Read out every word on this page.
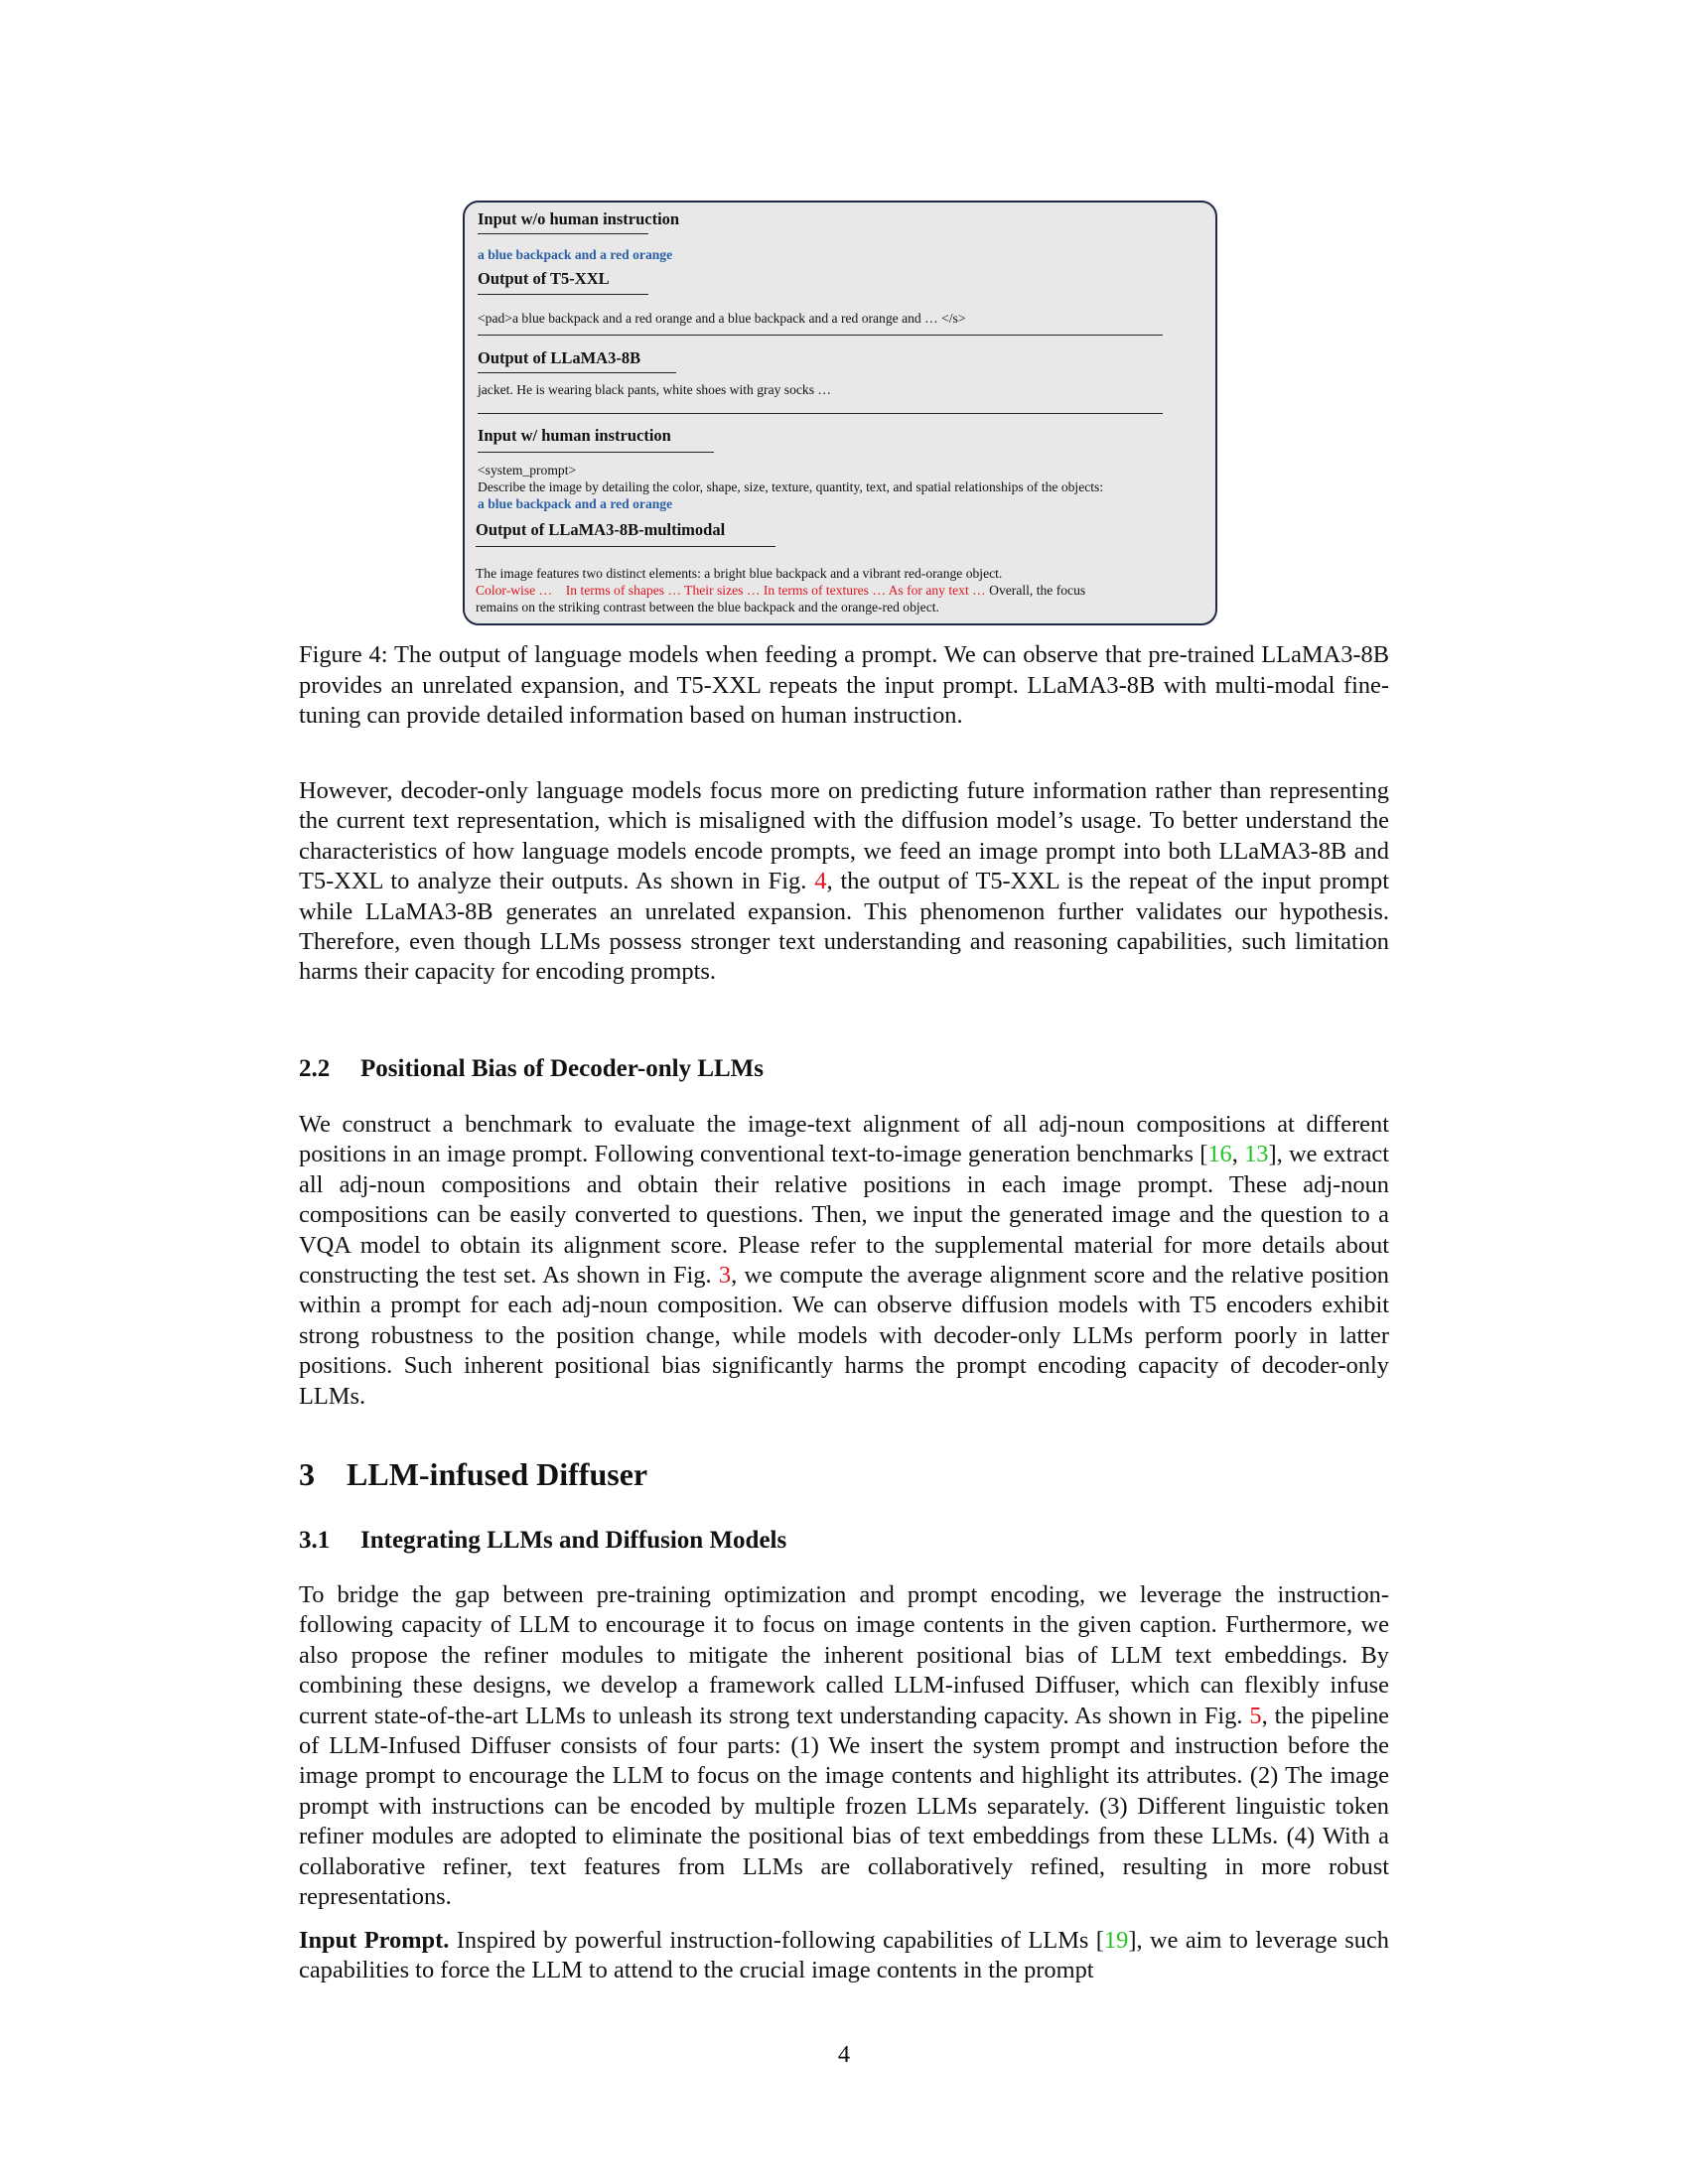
Input w/o human instruction
a blue backpack and a red orange
Output of T5-XXL
<pad>a blue backpack and a red orange and a blue backpack and a red orange and … </s>
Output of LLaMA3-8B
jacket. He is wearing black pants, white shoes with gray socks …
Input w/ human instruction
<system_prompt>
Describe the image by detailing the color, shape, size, texture, quantity, text, and spatial relationships of the objects:
a blue backpack and a red orange
Output of LLaMA3-8B-multimodal
The image features two distinct elements: a bright blue backpack and a vibrant red-orange object.
Color-wise … In terms of shapes … Their sizes … In terms of textures … As for any text … Overall, the focus
remains on the striking contrast between the blue backpack and the orange-red object.
Figure 4: The output of language models when feeding a prompt. We can observe that pre-trained LLaMA3-8B provides an unrelated expansion, and T5-XXL repeats the input prompt. LLaMA3-8B with multi-modal fine-tuning can provide detailed information based on human instruction.
However, decoder-only language models focus more on predicting future information rather than representing the current text representation, which is misaligned with the diffusion model’s usage. To better understand the characteristics of how language models encode prompts, we feed an image prompt into both LLaMA3-8B and T5-XXL to analyze their outputs. As shown in Fig. 4, the output of T5-XXL is the repeat of the input prompt while LLaMA3-8B generates an unrelated expansion. This phenomenon further validates our hypothesis. Therefore, even though LLMs possess stronger text understanding and reasoning capabilities, such limitation harms their capacity for encoding prompts.
2.2 Positional Bias of Decoder-only LLMs
We construct a benchmark to evaluate the image-text alignment of all adj-noun compositions at different positions in an image prompt. Following conventional text-to-image generation benchmarks [16, 13], we extract all adj-noun compositions and obtain their relative positions in each image prompt. These adj-noun compositions can be easily converted to questions. Then, we input the generated image and the question to a VQA model to obtain its alignment score. Please refer to the supplemental material for more details about constructing the test set. As shown in Fig. 3, we compute the average alignment score and the relative position within a prompt for each adj-noun composition. We can observe diffusion models with T5 encoders exhibit strong robustness to the position change, while models with decoder-only LLMs perform poorly in latter positions. Such inherent positional bias significantly harms the prompt encoding capacity of decoder-only LLMs.
3 LLM-infused Diffuser
3.1 Integrating LLMs and Diffusion Models
To bridge the gap between pre-training optimization and prompt encoding, we leverage the instruction-following capacity of LLM to encourage it to focus on image contents in the given caption. Furthermore, we also propose the refiner modules to mitigate the inherent positional bias of LLM text embeddings. By combining these designs, we develop a framework called LLM-infused Diffuser, which can flexibly infuse current state-of-the-art LLMs to unleash its strong text understanding capacity. As shown in Fig. 5, the pipeline of LLM-Infused Diffuser consists of four parts: (1) We insert the system prompt and instruction before the image prompt to encourage the LLM to focus on the image contents and highlight its attributes. (2) The image prompt with instructions can be encoded by multiple frozen LLMs separately. (3) Different linguistic token refiner modules are adopted to eliminate the positional bias of text embeddings from these LLMs. (4) With a collaborative refiner, text features from LLMs are collaboratively refined, resulting in more robust representations.
Input Prompt. Inspired by powerful instruction-following capabilities of LLMs [19], we aim to leverage such capabilities to force the LLM to attend to the crucial image contents in the prompt
4
